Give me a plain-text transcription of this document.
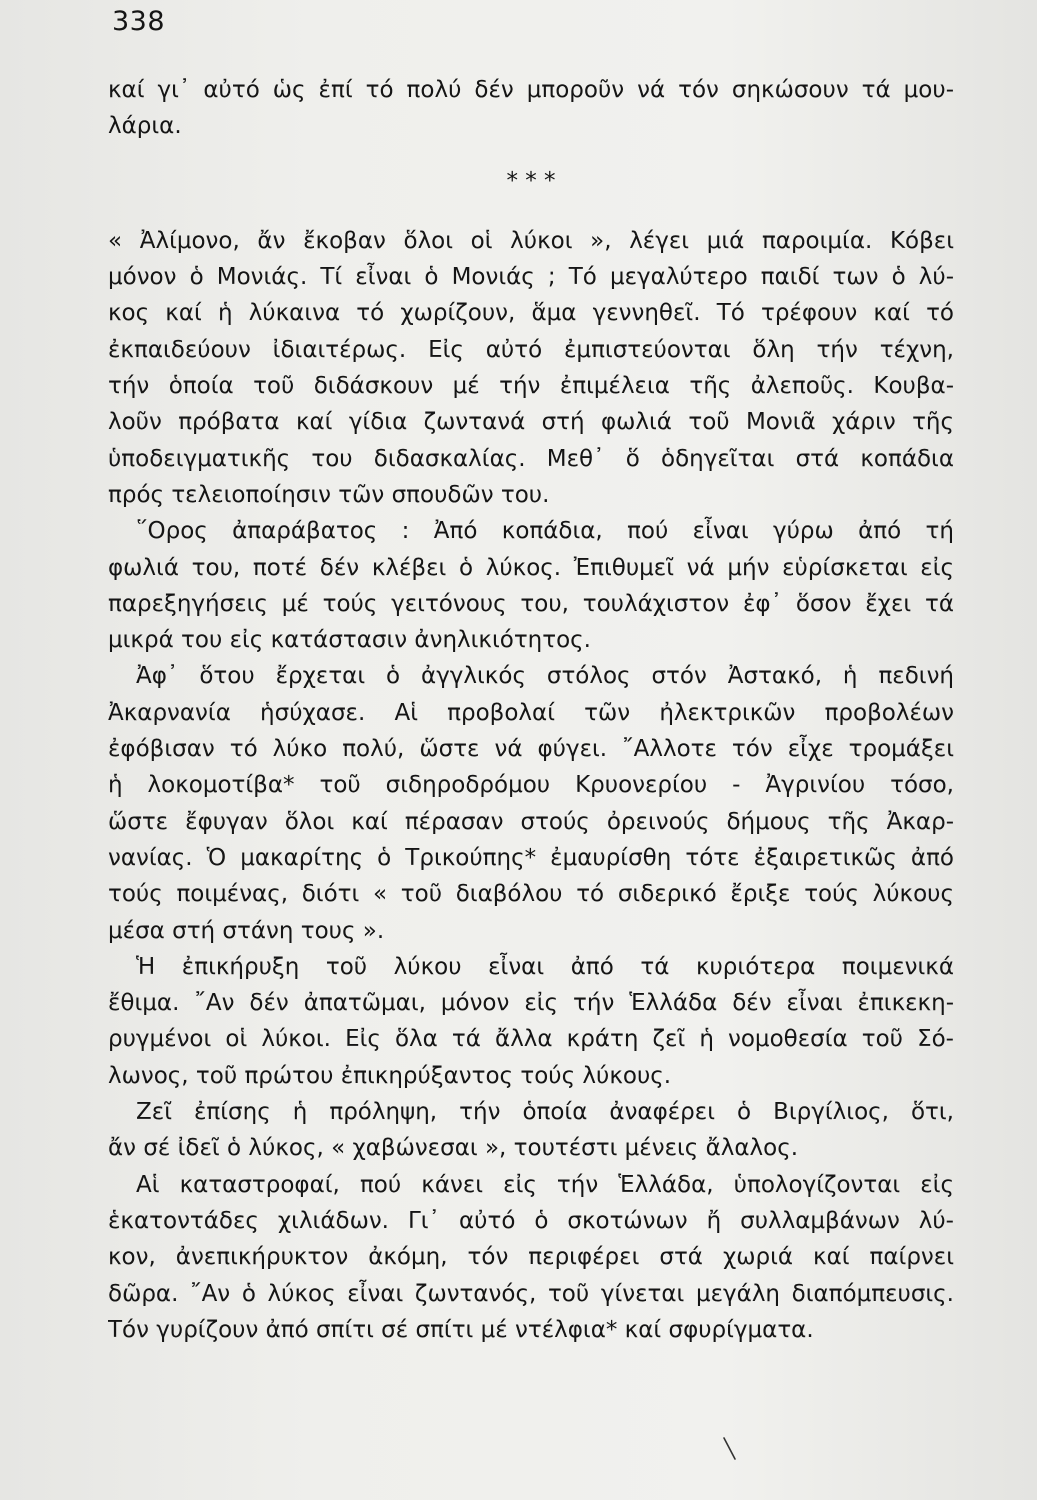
338
καί γι᾿ αὐτό ὡς ἐπί τό πολύ δέν μποροῦν νά τόν σηκώσουν τά μου-
λάρια.
* * *
« Ἀλίμονο, ἄν ἔκοβαν ὅλοι οἱ λύκοι », λέγει μιά παροιμία. Κόβει
μόνον ὁ Μονιάς. Τί εἶναι ὁ Μονιάς ; Τό μεγαλύτερο παιδί των ὁ λύ-
κος καί ἡ λύκαινα τό χωρίζουν, ἅμα γεννηθεῖ. Τό τρέφουν καί τό
ἐκπαιδεύουν ἰδιαιτέρως. Εἰς αὐτό ἐμπιστεύονται ὅλη τήν τέχνη,
τήν ὁποία τοῦ διδάσκουν μέ τήν ἐπιμέλεια τῆς ἀλεποῦς. Κουβα-
λοῦν πρόβατα καί γίδια ζωντανά στή φωλιά τοῦ Μονιᾶ χάριν τῆς
ὑποδειγματικῆς του διδασκαλίας. Μεθ᾿ ὅ ὁδηγεῖται στά κοπάδια
πρός τελειοποίησιν τῶν σπουδῶν του.
῞Ορος ἀπαράβατος : Ἀπό κοπάδια, πού εἶναι γύρω ἀπό τή
φωλιά του, ποτέ δέν κλέβει ὁ λύκος. Ἐπιθυμεῖ νά μήν εὑρίσκεται εἰς
παρεξηγήσεις μέ τούς γειτόνους του, τουλάχιστον ἐφ᾿ ὅσον ἔχει τά
μικρά του εἰς κατάστασιν ἀνηλικιότητος.
Ἀφ᾿ ὅτου ἔρχεται ὁ ἀγγλικός στόλος στόν Ἀστακό, ἡ πεδινή
Ἀκαρνανία ἡσύχασε. Αἱ προβολαί τῶν ἠλεκτρικῶν προβολέων
ἐφόβισαν τό λύκο πολύ, ὥστε νά φύγει. ῎Αλλοτε τόν εἶχε τρομάξει
ἡ λοκομοτίβα* τοῦ σιδηροδρόμου Κρυονερίου - Ἀγρινίου τόσο,
ὥστε ἔφυγαν ὅλοι καί πέρασαν στούς ὀρεινούς δήμους τῆς Ἀκαρ-
νανίας. Ὁ μακαρίτης ὁ Τρικούπης* ἐμαυρίσθη τότε ἐξαιρετικῶς ἀπό
τούς ποιμένας, διότι « τοῦ διαβόλου τό σιδερικό ἔριξε τούς λύκους
μέσα στή στάνη τους ».
Ἡ ἐπικήρυξη τοῦ λύκου εἶναι ἀπό τά κυριότερα ποιμενικά
ἔθιμα. ῎Αν δέν ἀπατῶμαι, μόνον εἰς τήν Ἑλλάδα δέν εἶναι ἐπικεκη-
ρυγμένοι οἱ λύκοι. Εἰς ὅλα τά ἄλλα κράτη ζεῖ ἡ νομοθεσία τοῦ Σό-
λωνος, τοῦ πρώτου ἐπικηρύξαντος τούς λύκους.
Ζεῖ ἐπίσης ἡ πρόληψη, τήν ὁποία ἀναφέρει ὁ Βιργίλιος, ὅτι,
ἄν σέ ἰδεῖ ὁ λύκος, « χαβώνεσαι », τουτέστι μένεις ἄλαλος.
Αἱ καταστροφαί, πού κάνει εἰς τήν Ἑλλάδα, ὑπολογίζονται εἰς
ἑκατοντάδες χιλιάδων. Γι᾿ αὐτό ὁ σκοτώνων ἤ συλλαμβάνων λύ-
κον, ἀνεπικήρυκτον ἀκόμη, τόν περιφέρει στά χωριά καί παίρνει
δῶρα. ῎Αν ὁ λύκος εἶναι ζωντανός, τοῦ γίνεται μεγάλη διαπόμπευσις.
Τόν γυρίζουν ἀπό σπίτι σέ σπίτι μέ ντέλφια* καί σφυρίγματα.
